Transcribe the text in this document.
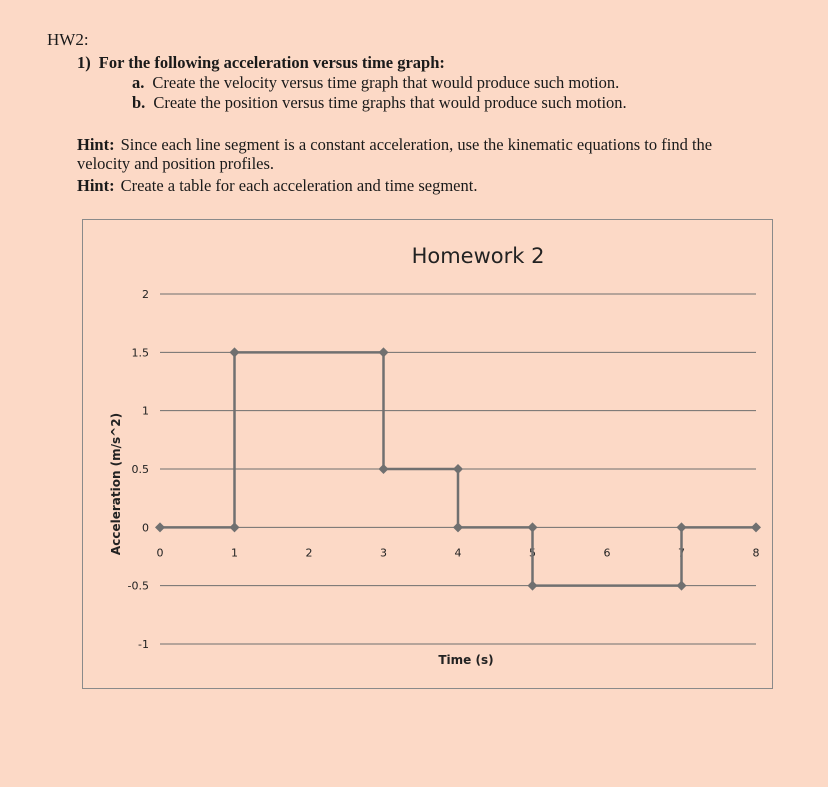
HW2:
1) For the following acceleration versus time graph:
a. Create the velocity versus time graph that would produce such motion.
b. Create the position versus time graphs that would produce such motion.
Hint: Since each line segment is a constant acceleration, use the kinematic equations to find the velocity and position profiles.
Hint: Create a table for each acceleration and time segment.
Homework 2
-1
-0.5
0
0.5
1
1.5
2
0	1	2	3	4	5	6	7	8
Time (s)
Acceleration (m/s^2)
